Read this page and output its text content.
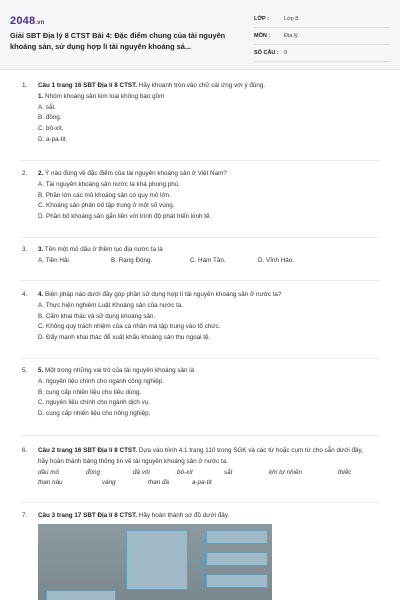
2048.vn
Giải SBT Địa lý 8 CTST Bài 4: Đặc điểm chung của tài nguyên khoáng sản, sử dụng hợp lí tài nguyên khoáng sả...
LỚP :	Lớp 8
MÔN :	Địa lý
SỐ CÂU : 9
1. Câu 1 trang 16 SBT Địa lí 8 CTST. Hãy khoanh tròn vào chữ cái ứng với ý đúng.
1. Nhóm khoáng sản kim loại không bao gồm
A. sắt.
B. đồng.
C. bô-xít.
D. a-pa-tit.
2. 2. Ý nào đúng về đặc điểm của tài nguyên khoáng sản ở Việt Nam?
A. Tài nguyên khoáng sản nước ta khá phong phú.
B. Phần lớn các mỏ khoáng sản có quy mô lớn.
C. Khoáng sản phân bố tập trung ở một số vùng.
D. Phần bố khoáng sản gắn liền với trình độ phát triển kinh tế.
3. 3. Tên một mỏ dầu ở thềm lục địa nước ta là
A. Tiền Hải.	B. Rạng Đông.	C. Hàm Tân.	D. Vĩnh Hảo.
4. 4. Biện pháp nào dưới đây góp phần sử dụng hợp lí tài nguyên khoáng sản ở nước ta?
A. Thực hiện nghiêm Luật Khoáng sản của nước ta.
B. Cấm khai thác và sử dụng khoáng sản.
C. Không quy trách nhiệm của cá nhân mà tập trung vào tổ chức.
D. Đẩy mạnh khai thác để xuất khẩu khoáng sản thu ngoại tệ.
5. 5. Một trong những vai trò của tài nguyên khoáng sản là
A. nguyên liệu chính cho ngành công nghiệp.
B. cung cấp nhiên liệu cho tiêu dùng.
C. nguyên liệu chính cho ngành dịch vụ.
D. cung cấp nhiên liệu cho nông nghiệp.
6. Câu 2 trang 16 SBT Địa lí 8 CTST. Dựa vào hình 4.1 trang 110 trong SGK và các từ hoặc cụm từ cho sẵn dưới đây, hãy hoàn thành bảng thông tin về tài nguyên khoáng sản ở nước ta.
dầu mỏ	đồng	đá vôi	bô-xít	sắt	khí tự nhiên	thiếc
than nâu	vàng	than đá	a-pa-tit
7. Câu 3 trang 17 SBT Địa lí 8 CTST. Hãy hoàn thành sơ đồ dưới đây.
